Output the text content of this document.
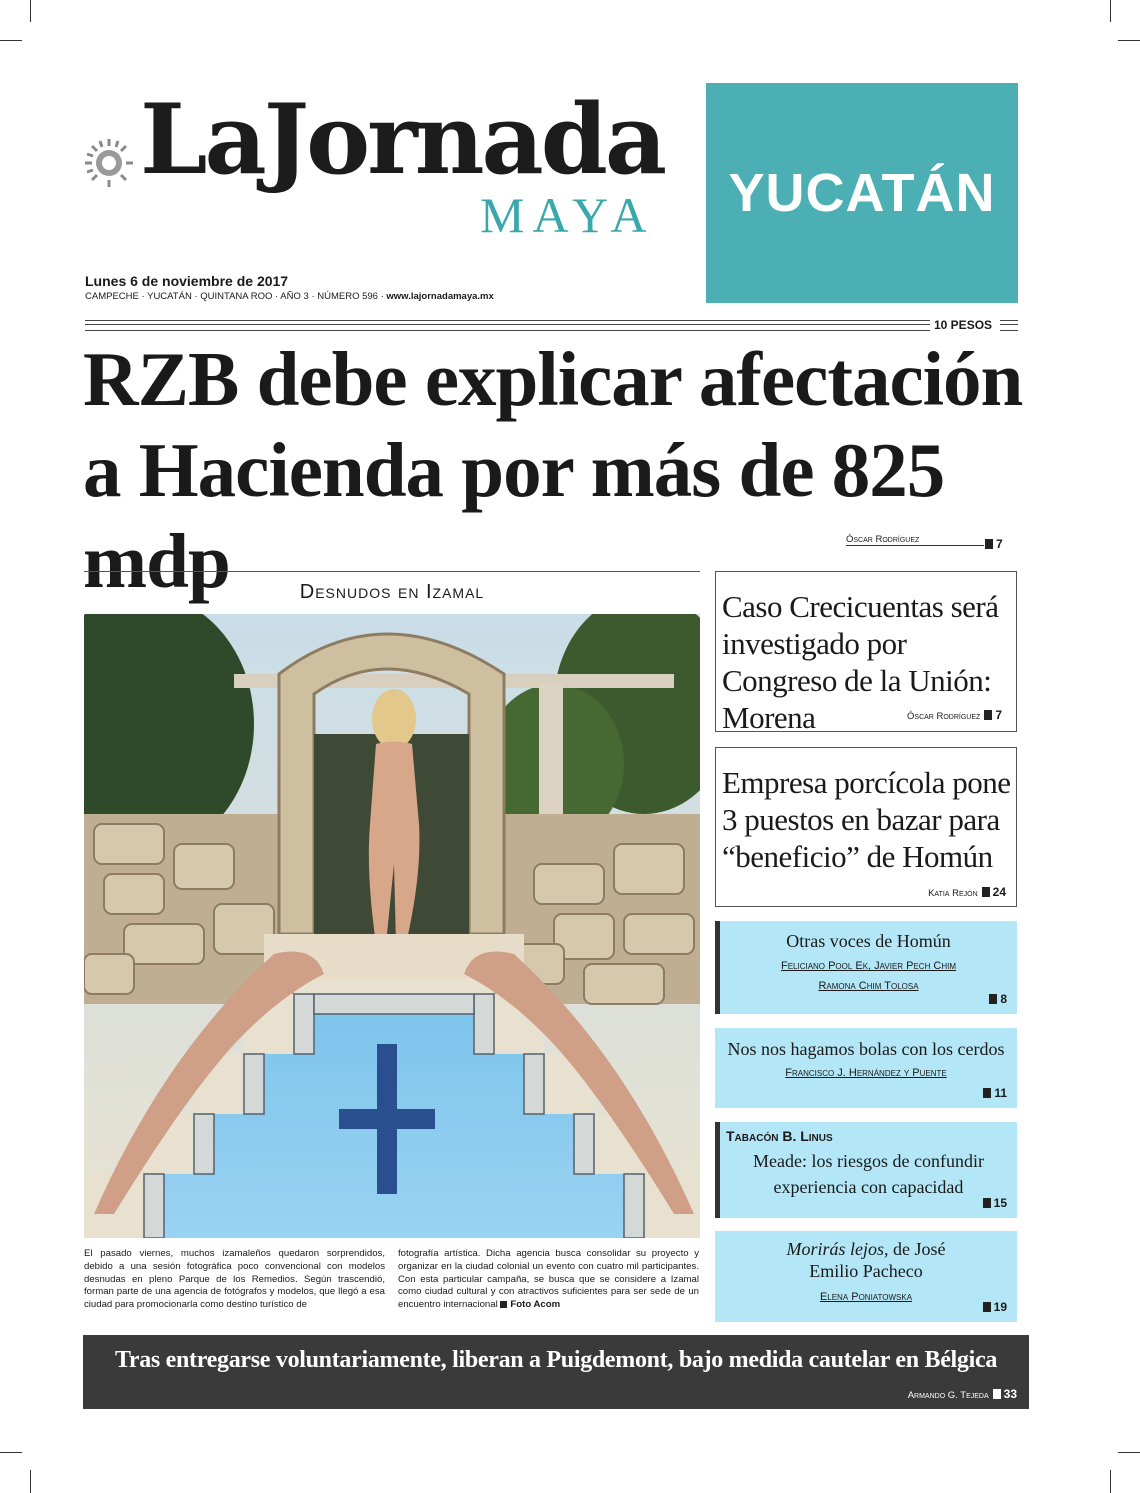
LaJornada
MAYA YUCATÁN
Lunes 6 de noviembre de 2017
CAMPECHE · YUCATÁN · QUINTANA ROO · AÑO 3 · NÚMERO 596 · www.lajornadamaya.mx
10 PESOS
RZB debe explicar afectación a Hacienda por más de 825 mdp	Óscar Rodríguez	7
Desnudos en Izamal
El pasado viernes, muchos izamaleños quedaron sorprendidos, debido a una sesión fotográfica poco convencional con modelos desnudas en pleno Parque de los Remedios. Según trascendió, forman parte de una agencia de fotógrafos y modelos, que llegó a esa ciudad para promocionarla como destino turístico de
fotografía artística. Dicha agencia busca consolidar su proyecto y organizar en la ciudad colonial un evento con cuatro mil participantes. Con esta particular campaña, se busca que se considere a Izamal como ciudad cultural y con atractivos suficientes para ser sede de un encuentro internacional Foto Acom
Caso Crecicuentas será investigado por Congreso de la Unión: Morena	Óscar Rodríguez 7
Empresa porcícola pone 3 puestos en bazar para “beneficio” de Homún
Katia Rejón 24
Otras voces de Homún
Feliciano Pool Ek, Javier Pech Chim
Ramona Chim Tolosa
8
Nos nos hagamos bolas con los cerdos
Francisco J. Hernández y Puente
11
Tabacón B. Linus
Meade: los riesgos de confundir experiencia con capacidad
15
Morirás lejos, de José Emilio Pacheco
Elena Poniatowska
19
Tras entregarse voluntariamente, liberan a Puigdemont, bajo medida cautelar en Bélgica
Armando G. Tejeda 33
